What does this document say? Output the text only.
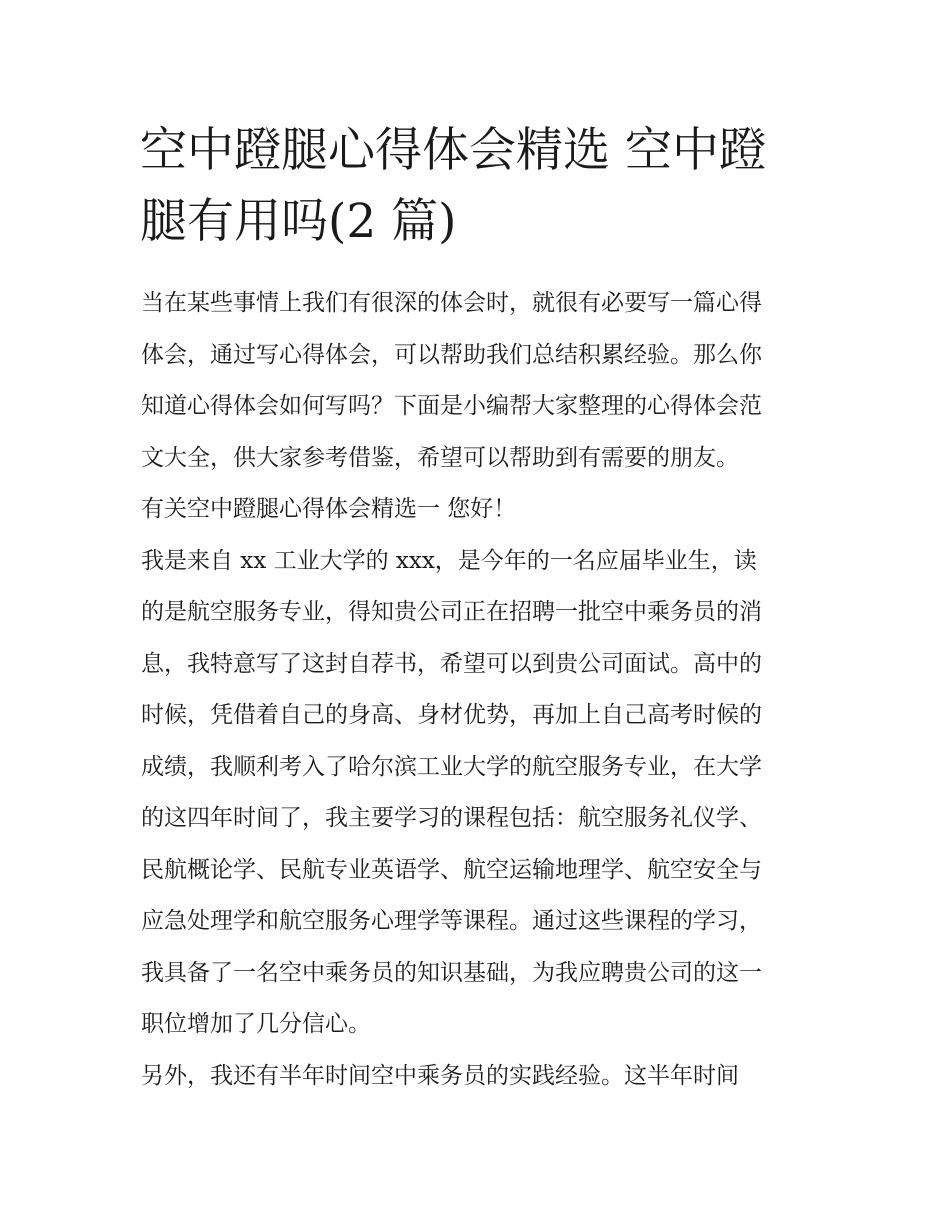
空中蹬腿心得体会精选 空中蹬
腿有用吗(2 篇)
当在某些事情上我们有很深的体会时，就很有必要写一篇心得
体会，通过写心得体会，可以帮助我们总结积累经验。那么你
知道心得体会如何写吗？下面是小编帮大家整理的心得体会范
文大全，供大家参考借鉴，希望可以帮助到有需要的朋友。
有关空中蹬腿心得体会精选一 您好！
我是来自 xx 工业大学的 xxx，是今年的一名应届毕业生，读
的是航空服务专业，得知贵公司正在招聘一批空中乘务员的消
息，我特意写了这封自荐书，希望可以到贵公司面试。高中的
时候，凭借着自己的身高、身材优势，再加上自己高考时候的
成绩，我顺利考入了哈尔滨工业大学的航空服务专业，在大学
的这四年时间了，我主要学习的课程包括：航空服务礼仪学、
民航概论学、民航专业英语学、航空运输地理学、航空安全与
应急处理学和航空服务心理学等课程。通过这些课程的学习，
我具备了一名空中乘务员的知识基础，为我应聘贵公司的这一
职位增加了几分信心。
另外，我还有半年时间空中乘务员的实践经验。这半年时间
